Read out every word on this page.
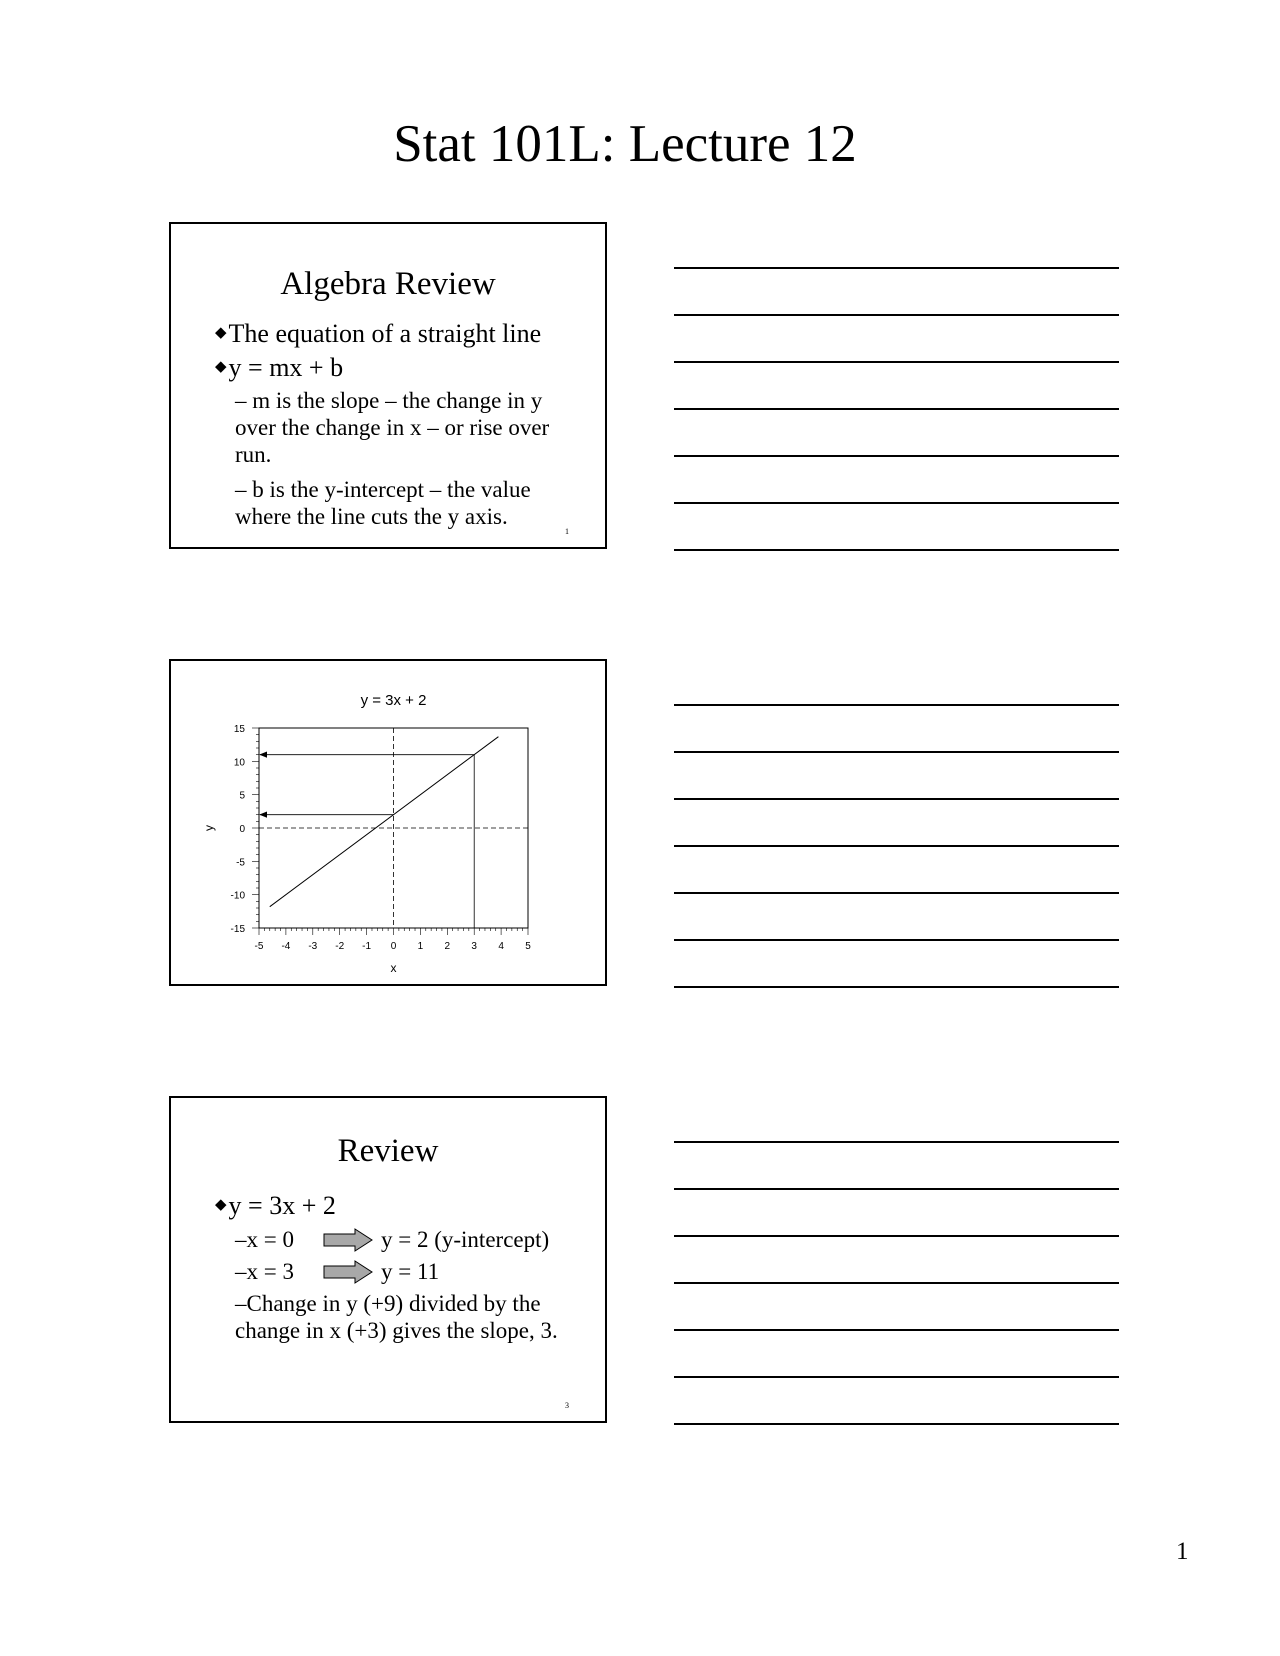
Stat 101L: Lecture 12
Algebra Review
◆The equation of a straight line
◆y = mx + b
– m is the slope – the change in y over the change in x – or rise over run.
– b is the y-intercept – the value where the line cuts the y axis.
1
y = 3x + 2
15
10
5
0
-5
-10
-15
-5 -4 -3 -2 -1 0 1 2 3 4 5
x
y
Review
◆y = 3x + 2
–x = 0	y = 2 (y-intercept)
–x = 3	y = 11
–Change in y (+9) divided by the change in x (+3) gives the slope, 3.
3
1
